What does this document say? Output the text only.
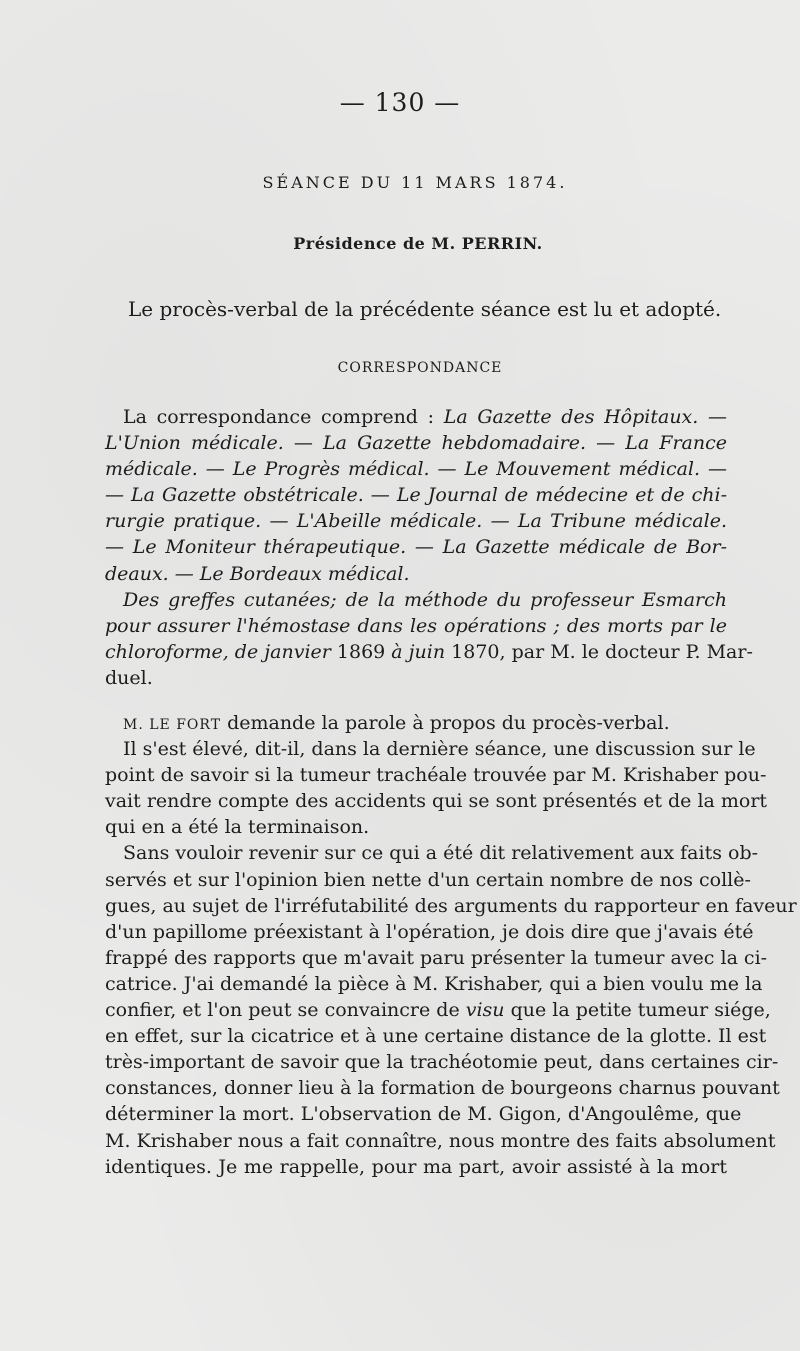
— 130 —
SÉANCE DU 11 MARS 1874.
Présidence de M. PERRIN.
Le procès-verbal de la précédente séance est lu et adopté.
CORRESPONDANCE
La correspondance comprend : La Gazette des Hôpitaux. —
L'Union médicale. — La Gazette hebdomadaire. — La France
médicale. — Le Progrès médical. — Le Mouvement médical. —
— La Gazette obstétricale. — Le Journal de médecine et de chi-
rurgie pratique. — L'Abeille médicale. — La Tribune médicale.
— Le Moniteur thérapeutique. — La Gazette médicale de Bor-
deaux. — Le Bordeaux médical.
Des greffes cutanées; de la méthode du professeur Esmarch
pour assurer l'hémostase dans les opérations ; des morts par le
chloroforme, de janvier 1869 à juin 1870, par M. le docteur P. Mar-
duel.
M. LE FORT demande la parole à propos du procès-verbal.
Il s'est élevé, dit-il, dans la dernière séance, une discussion sur le
point de savoir si la tumeur trachéale trouvée par M. Krishaber pou-
vait rendre compte des accidents qui se sont présentés et de la mort
qui en a été la terminaison.
Sans vouloir revenir sur ce qui a été dit relativement aux faits ob-
servés et sur l'opinion bien nette d'un certain nombre de nos collè-
gues, au sujet de l'irréfutabilité des arguments du rapporteur en faveur
d'un papillome préexistant à l'opération, je dois dire que j'avais été
frappé des rapports que m'avait paru présenter la tumeur avec la ci-
catrice. J'ai demandé la pièce à M. Krishaber, qui a bien voulu me la
confier, et l'on peut se convaincre de visu que la petite tumeur siége,
en effet, sur la cicatrice et à une certaine distance de la glotte. Il est
très-important de savoir que la trachéotomie peut, dans certaines cir-
constances, donner lieu à la formation de bourgeons charnus pouvant
déterminer la mort. L'observation de M. Gigon, d'Angoulême, que
M. Krishaber nous a fait connaître, nous montre des faits absolument
identiques. Je me rappelle, pour ma part, avoir assisté à la mort
